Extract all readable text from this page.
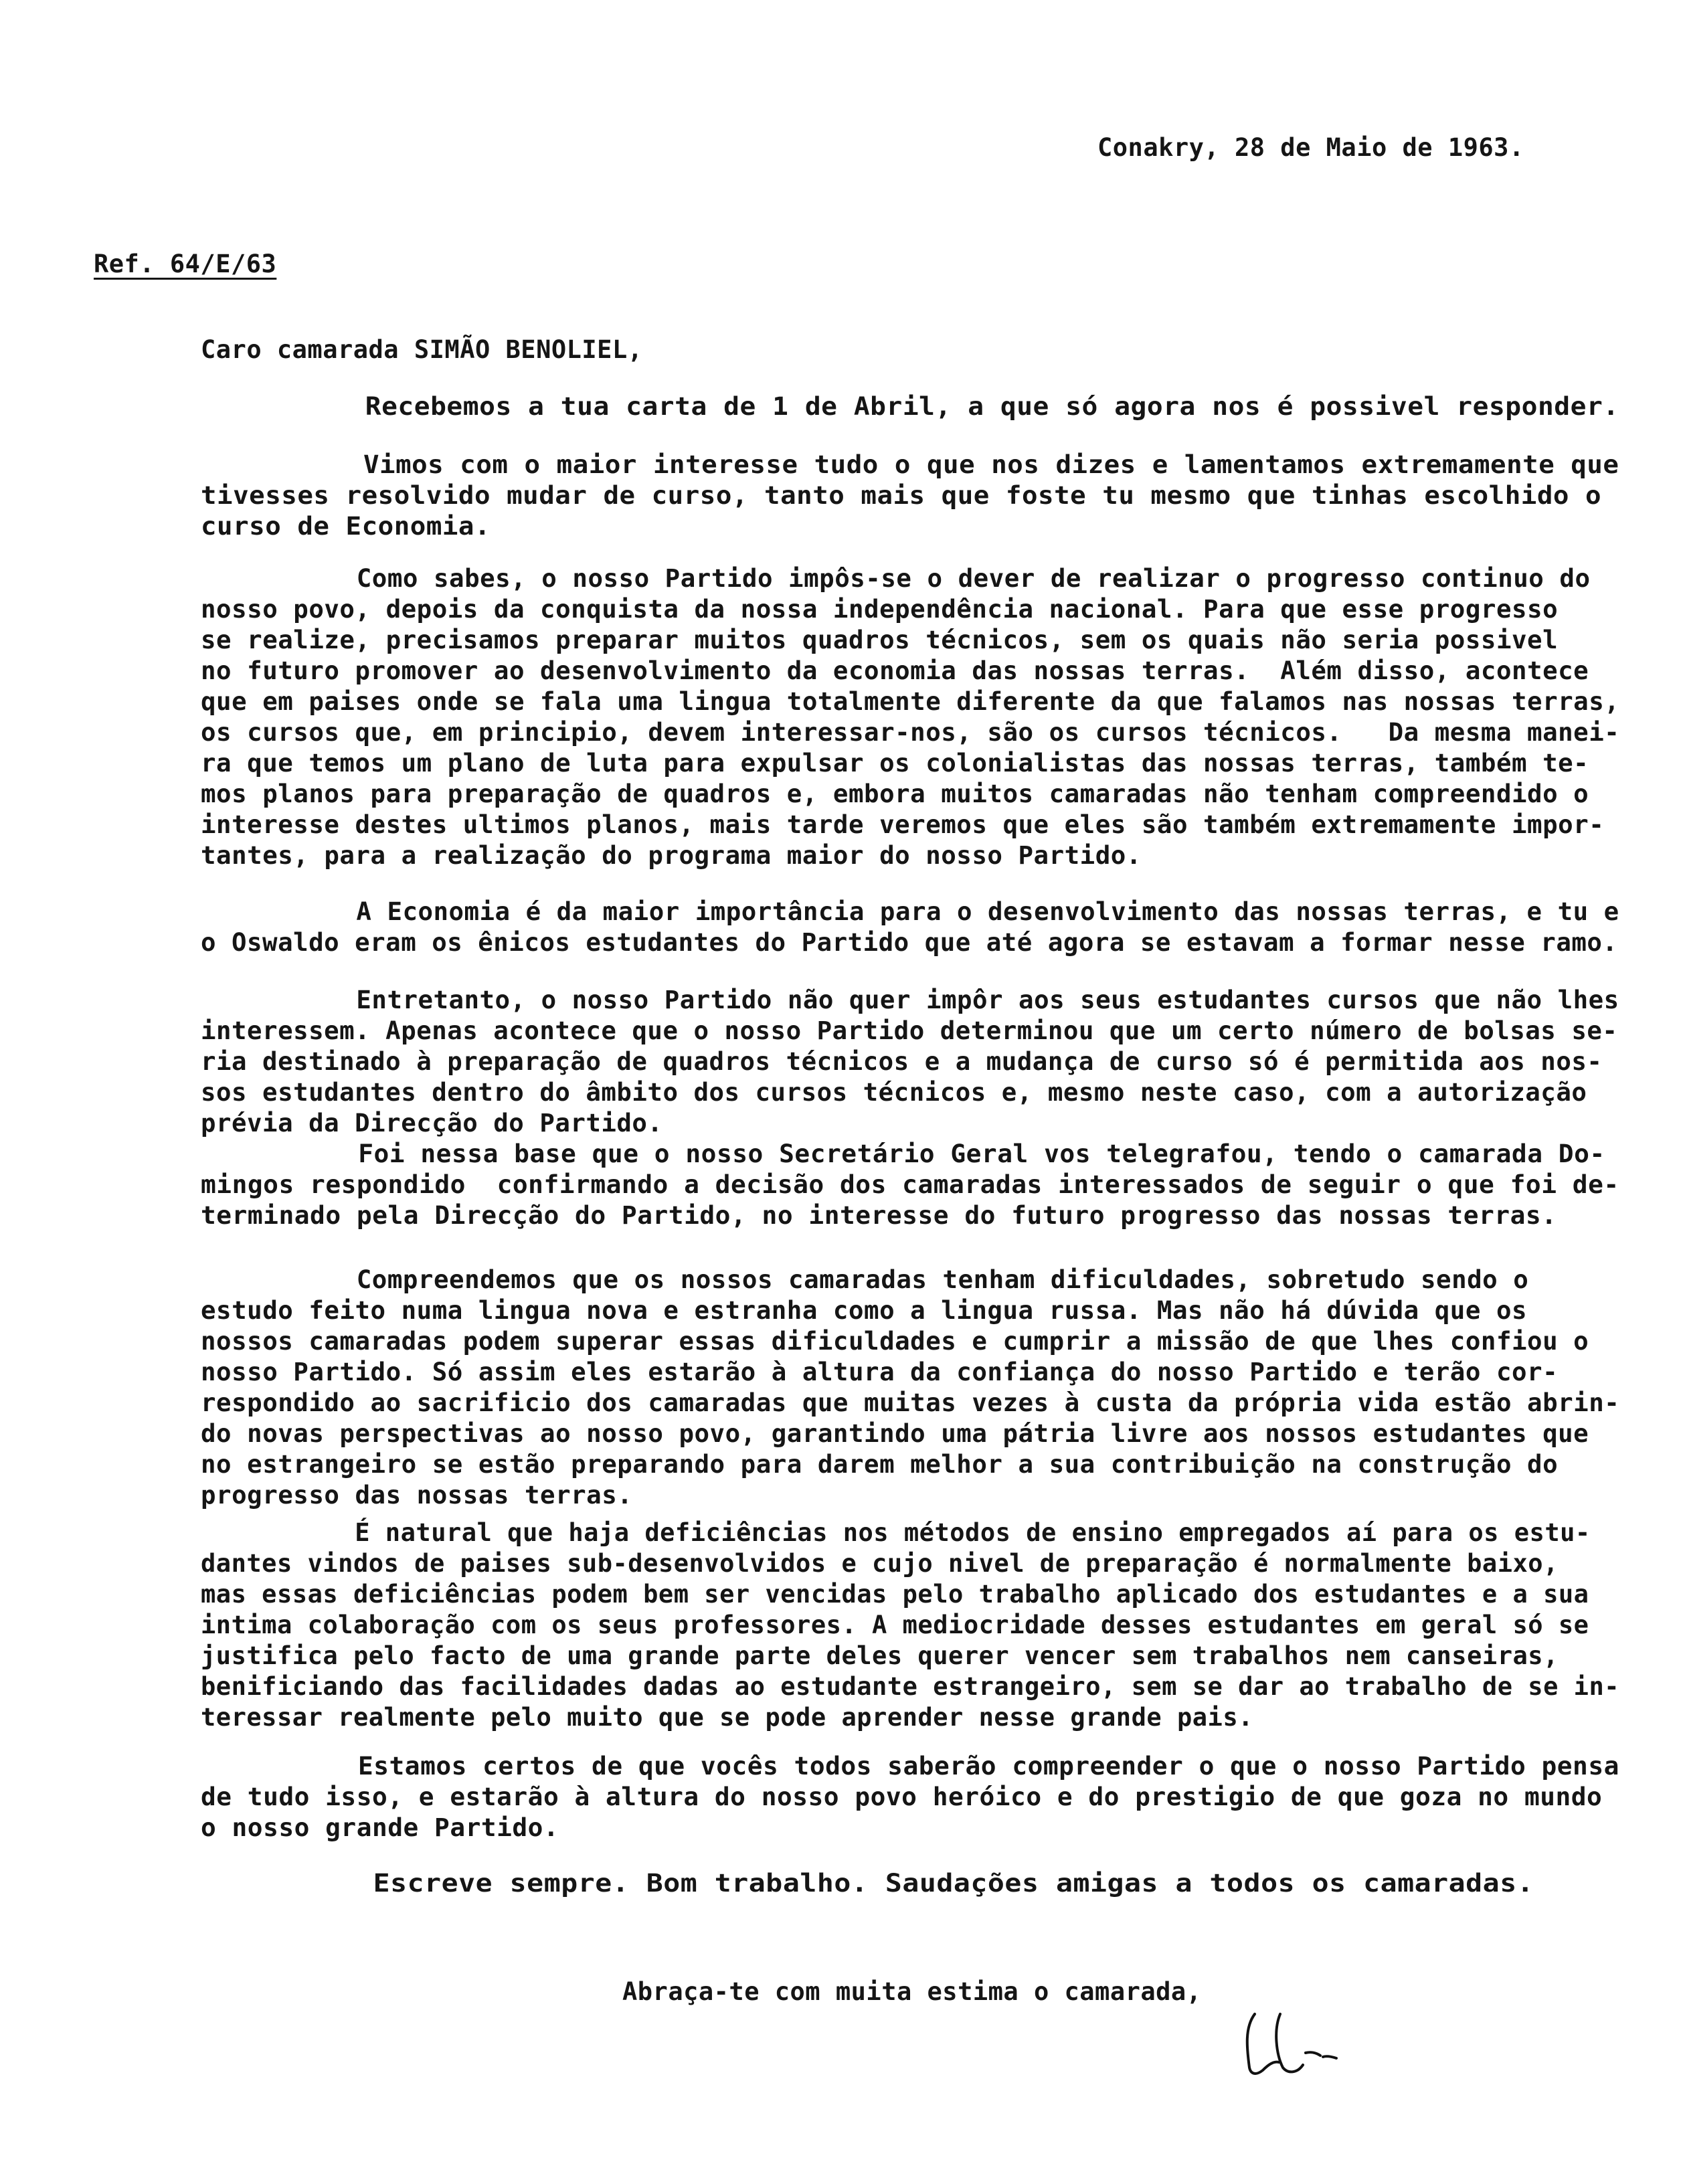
Conakry, 28 de Maio de 1963.
Ref. 64/E/63
Caro camarada SIMÃO BENOLIEL,
Recebemos a tua carta de 1 de Abril, a que só agora nos é possivel responder.
Vimos com o maior interesse tudo o que nos dizes e lamentamos extremamente que
tivesses resolvido mudar de curso, tanto mais que foste tu mesmo que tinhas escolhido o
curso de Economia.
Como sabes, o nosso Partido impôs-se o dever de realizar o progresso continuo do
nosso povo, depois da conquista da nossa independência nacional. Para que esse progresso
se realize, precisamos preparar muitos quadros técnicos, sem os quais não seria possivel
no futuro promover ao desenvolvimento da economia das nossas terras.  Além disso, acontece
que em paises onde se fala uma lingua totalmente diferente da que falamos nas nossas terras,
os cursos que, em principio, devem interessar-nos, são os cursos técnicos.   Da mesma manei-
ra que temos um plano de luta para expulsar os colonialistas das nossas terras, também te-
mos planos para preparação de quadros e, embora muitos camaradas não tenham compreendido o
interesse destes ultimos planos, mais tarde veremos que eles são também extremamente impor-
tantes, para a realização do programa maior do nosso Partido.
A Economia é da maior importância para o desenvolvimento das nossas terras, e tu e
o Oswaldo eram os ênicos estudantes do Partido que até agora se estavam a formar nesse ramo.
Entretanto, o nosso Partido não quer impôr aos seus estudantes cursos que não lhes
interessem. Apenas acontece que o nosso Partido determinou que um certo número de bolsas se-
ria destinado à preparação de quadros técnicos e a mudança de curso só é permitida aos nos-
sos estudantes dentro do âmbito dos cursos técnicos e, mesmo neste caso, com a autorização
prévia da Direcção do Partido.
Foi nessa base que o nosso Secretário Geral vos telegrafou, tendo o camarada Do-
mingos respondido  confirmando a decisão dos camaradas interessados de seguir o que foi de-
terminado pela Direcção do Partido, no interesse do futuro progresso das nossas terras.
Compreendemos que os nossos camaradas tenham dificuldades, sobretudo sendo o
estudo feito numa lingua nova e estranha como a lingua russa. Mas não há dúvida que os
nossos camaradas podem superar essas dificuldades e cumprir a missão de que lhes confiou o
nosso Partido. Só assim eles estarão à altura da confiança do nosso Partido e terão cor-
respondido ao sacrificio dos camaradas que muitas vezes à custa da própria vida estão abrin-
do novas perspectivas ao nosso povo, garantindo uma pátria livre aos nossos estudantes que
no estrangeiro se estão preparando para darem melhor a sua contribuição na construção do
progresso das nossas terras.
É natural que haja deficiências nos métodos de ensino empregados aí para os estu-
dantes vindos de paises sub-desenvolvidos e cujo nivel de preparação é normalmente baixo,
mas essas deficiências podem bem ser vencidas pelo trabalho aplicado dos estudantes e a sua
intima colaboração com os seus professores. A mediocridade desses estudantes em geral só se
justifica pelo facto de uma grande parte deles querer vencer sem trabalhos nem canseiras,
benificiando das facilidades dadas ao estudante estrangeiro, sem se dar ao trabalho de se in-
teressar realmente pelo muito que se pode aprender nesse grande pais.
Estamos certos de que vocês todos saberão compreender o que o nosso Partido pensa
de tudo isso, e estarão à altura do nosso povo heróico e do prestigio de que goza no mundo
o nosso grande Partido.
Escreve sempre. Bom trabalho. Saudações amigas a todos os camaradas.
Abraça-te com muita estima o camarada,
